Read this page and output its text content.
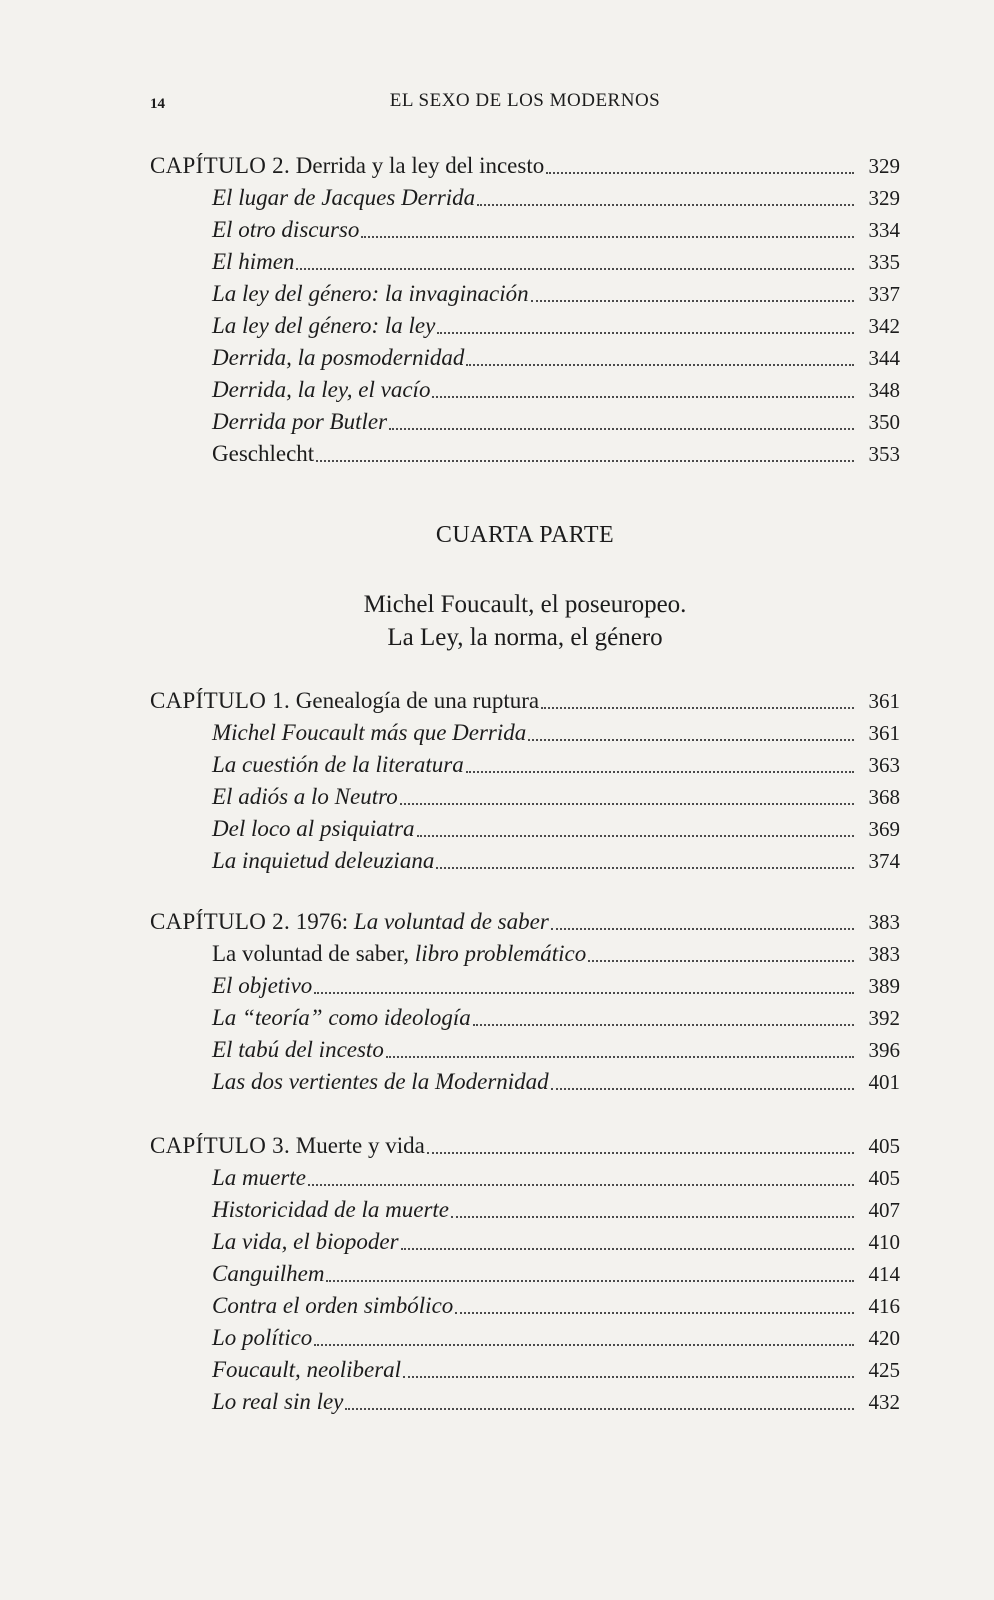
14	EL SEXO DE LOS MODERNOS
CAPÍTULO 2. Derrida y la ley del incesto	329
El lugar de Jacques Derrida	329
El otro discurso	334
El himen	335
La ley del género: la invaginación	337
La ley del género: la ley	342
Derrida, la posmodernidad	344
Derrida, la ley, el vacío	348
Derrida por Butler	350
Geschlecht	353
CUARTA PARTE
Michel Foucault, el poseuropeo.
La Ley, la norma, el género
CAPÍTULO 1. Genealogía de una ruptura	361
Michel Foucault más que Derrida	361
La cuestión de la literatura	363
El adiós a lo Neutro	368
Del loco al psiquiatra	369
La inquietud deleuziana	374
CAPÍTULO 2. 1976: La voluntad de saber	383
La voluntad de saber, libro problemático	383
El objetivo	389
La “teoría” como ideología	392
El tabú del incesto	396
Las dos vertientes de la Modernidad	401
CAPÍTULO 3. Muerte y vida	405
La muerte	405
Historicidad de la muerte	407
La vida, el biopoder	410
Canguilhem	414
Contra el orden simbólico	416
Lo político	420
Foucault, neoliberal	425
Lo real sin ley	432
